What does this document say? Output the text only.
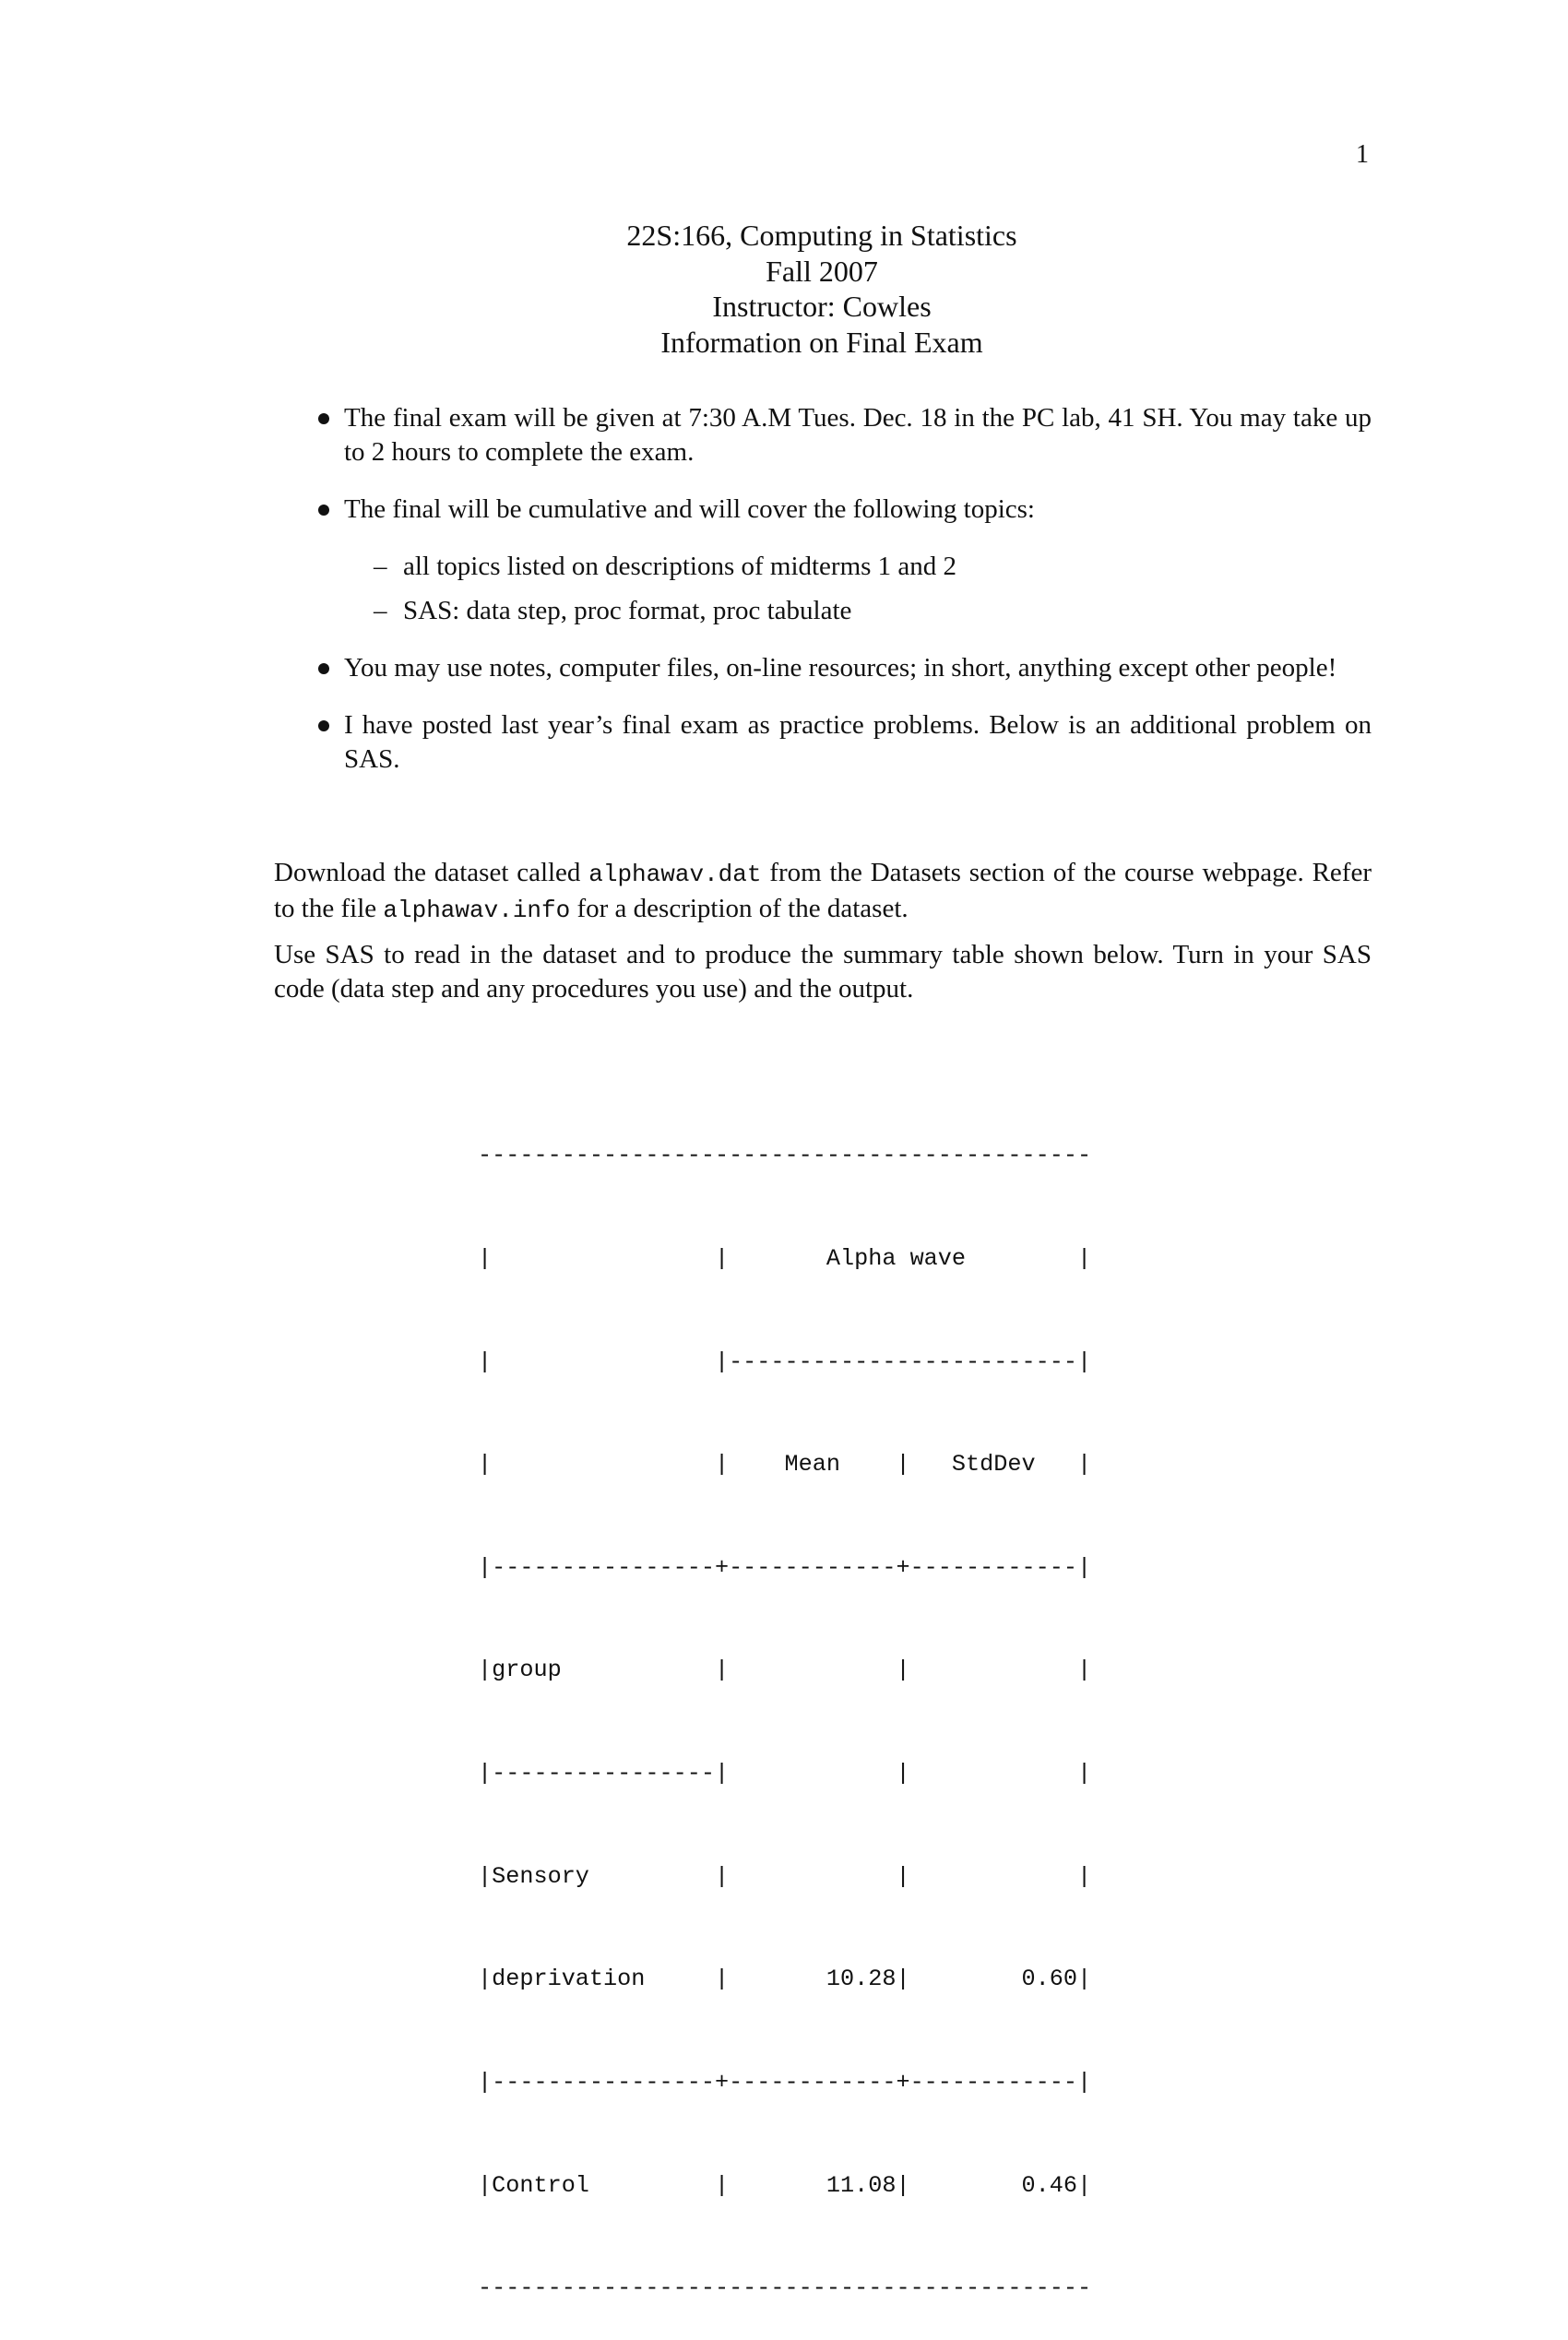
1
22S:166, Computing in Statistics
Fall 2007
Instructor: Cowles
Information on Final Exam
The final exam will be given at 7:30 A.M Tues. Dec. 18 in the PC lab, 41 SH. You may take up to 2 hours to complete the exam.
The final will be cumulative and will cover the following topics:
– all topics listed on descriptions of midterms 1 and 2
– SAS: data step, proc format, proc tabulate
You may use notes, computer files, on-line resources; in short, anything except other people!
I have posted last year’s final exam as practice problems. Below is an additional problem on SAS.

Download the dataset called alphawav.dat from the Datasets section of the course webpage. Refer to the file alphawav.info for a description of the dataset.

Use SAS to read in the dataset and to produce the summary table shown below. Turn in your SAS code (data step and any procedures you use) and the output.

--------------------------------------------

|                |       Alpha wave        |

|                |-------------------------|

|                |    Mean    |   StdDev   |

|----------------+------------+------------|

|group           |            |            |

|----------------|            |            |

|Sensory         |            |            |

|deprivation     |       10.28|        0.60|

|----------------+------------+------------|

|Control         |       11.08|        0.46|

--------------------------------------------
